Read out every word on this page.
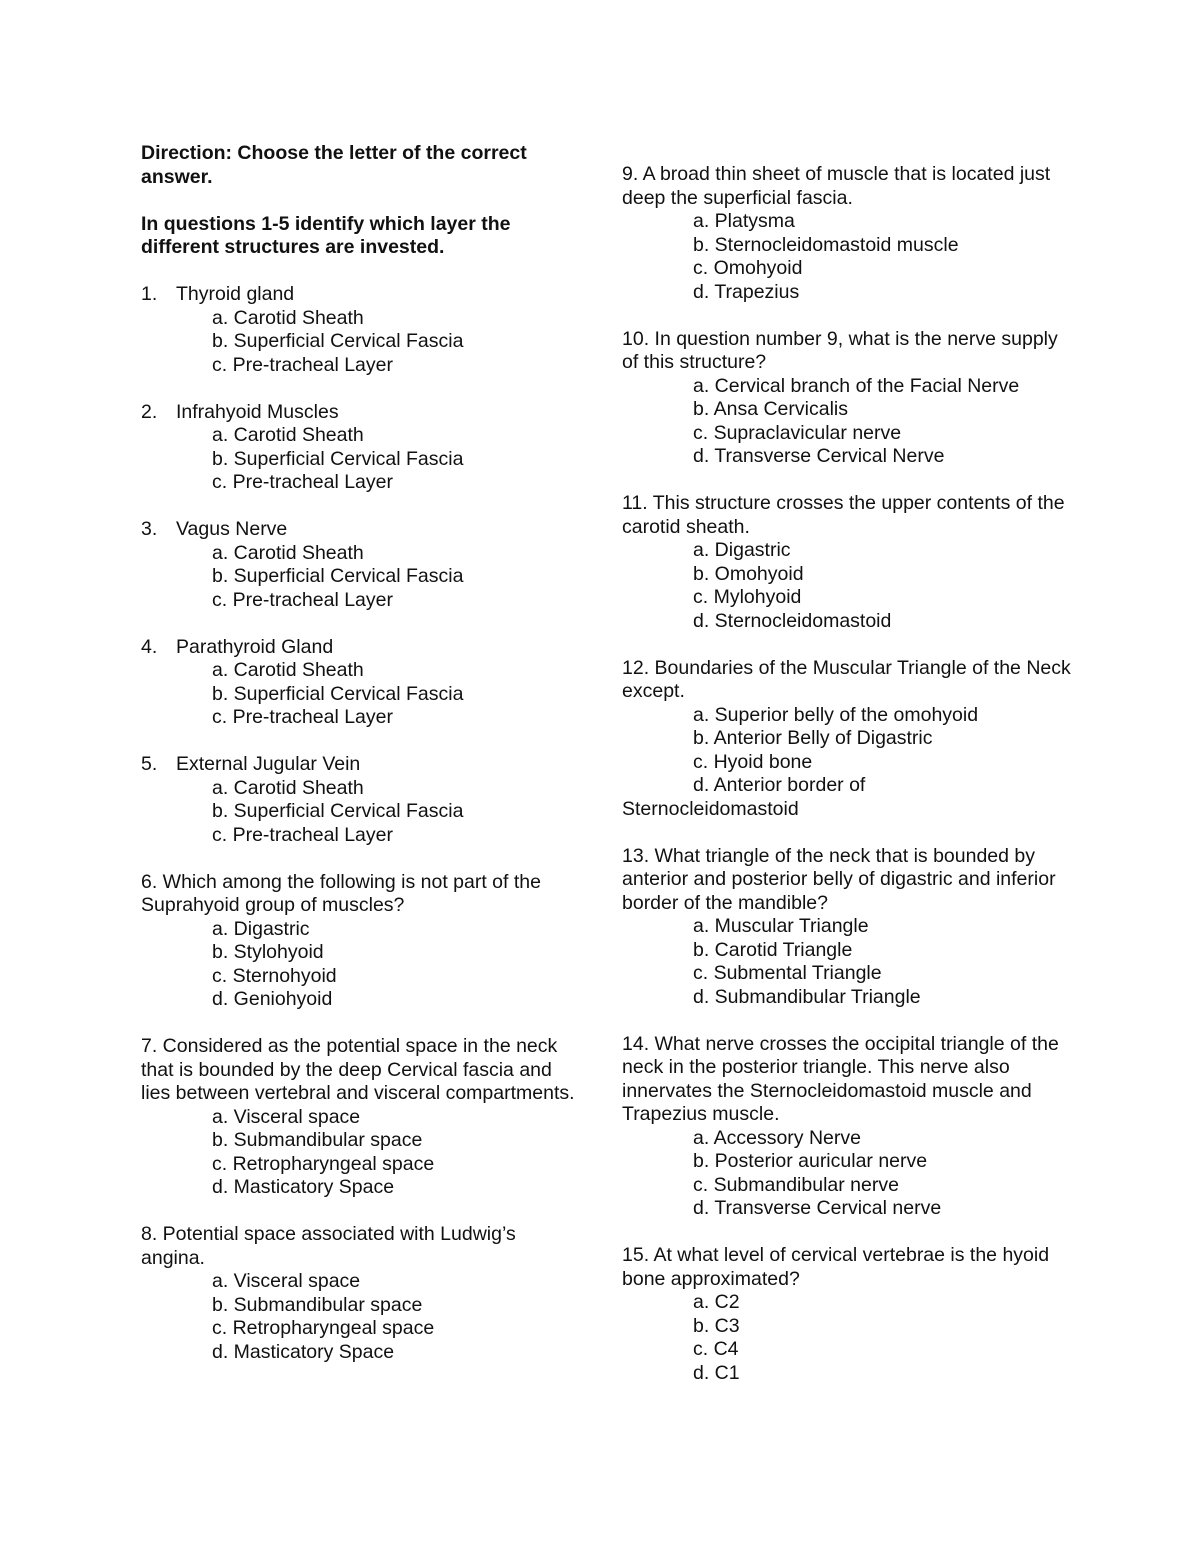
Direction: Choose the letter of the correct answer.

In questions 1-5 identify which layer the different structures are invested.

1. Thyroid gland
a. Carotid Sheath
b. Superficial Cervical Fascia
c. Pre-tracheal Layer
2. Infrahyoid Muscles
a. Carotid Sheath
b. Superficial Cervical Fascia
c. Pre-tracheal Layer
3. Vagus Nerve
a. Carotid Sheath
b. Superficial Cervical Fascia
c. Pre-tracheal Layer
4. Parathyroid Gland
a. Carotid Sheath
b. Superficial Cervical Fascia
c. Pre-tracheal Layer
5. External Jugular Vein
a. Carotid Sheath
b. Superficial Cervical Fascia
c. Pre-tracheal Layer

6. Which among the following is not part of the Suprahyoid group of muscles?

a. Digastric
b. Stylohyoid
c. Sternohyoid
d. Geniohyoid

7. Considered as the potential space in the neck that is bounded by the deep Cervical fascia and lies between vertebral and visceral compartments.

a. Visceral space
b. Submandibular space
c. Retropharyngeal space
d. Masticatory Space

8. Potential space associated with Ludwig’s angina.

a. Visceral space
b. Submandibular space
c. Retropharyngeal space
d. Masticatory Space

9. A broad thin sheet of muscle that is located just deep the superficial fascia.

a. Platysma
b. Sternocleidomastoid muscle
c. Omohyoid
d. Trapezius

10. In question number 9, what is the nerve supply of this structure?

a. Cervical branch of the Facial Nerve
b. Ansa Cervicalis
c. Supraclavicular nerve
d. Transverse Cervical Nerve

11. This structure crosses the upper contents of the carotid sheath.

a. Digastric
b. Omohyoid
c. Mylohyoid
d. Sternocleidomastoid

12. Boundaries of the Muscular Triangle of the Neck except.

a. Superior belly of the omohyoid
b. Anterior Belly of Digastric
c. Hyoid bone
d. Anterior border of
Sternocleidomastoid

13. What triangle of the neck that is bounded by anterior and posterior belly of digastric and inferior border of the mandible?

a. Muscular Triangle
b. Carotid Triangle
c. Submental Triangle
d. Submandibular Triangle

14. What nerve crosses the occipital triangle of the neck in the posterior triangle. This nerve also innervates the Sternocleidomastoid muscle and Trapezius muscle.

a. Accessory Nerve
b. Posterior auricular nerve
c. Submandibular nerve
d. Transverse Cervical nerve

15. At what level of cervical vertebrae is the hyoid bone approximated?

a. C2
b. C3
c. C4
d. C1
